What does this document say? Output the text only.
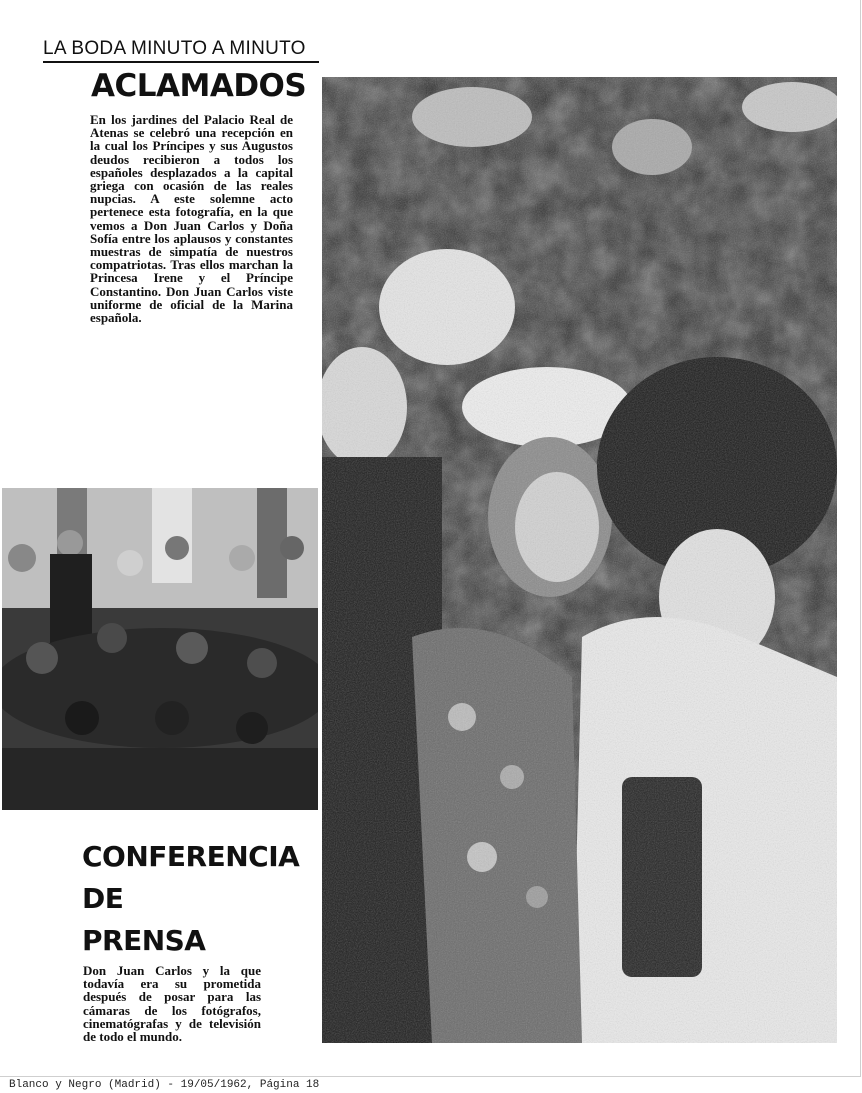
LA BODA MINUTO A MINUTO
ACLAMADOS
En los jardines del Palacio Real de Atenas se celebró una recepción en la cual los Príncipes y sus Augustos deudos recibieron a todos los españoles desplazados a la capital griega con ocasión de las reales nupcias. A este solemne acto pertenece esta fotografía, en la que vemos a Don Juan Carlos y Doña Sofía entre los aplausos y constantes muestras de simpatía de nuestros compatriotas. Tras ellos marchan la Princesa Irene y el Príncipe Constantino. Don Juan Carlos viste uniforme de oficial de la Marina española.
CONFERENCIA
DE
PRENSA
Don Juan Carlos y la que todavía era su prometida después de posar para las cámaras de los fotógrafos, cinematógrafas y de televisión de todo el mundo.
Blanco y Negro (Madrid) - 19/05/1962, Página 18
